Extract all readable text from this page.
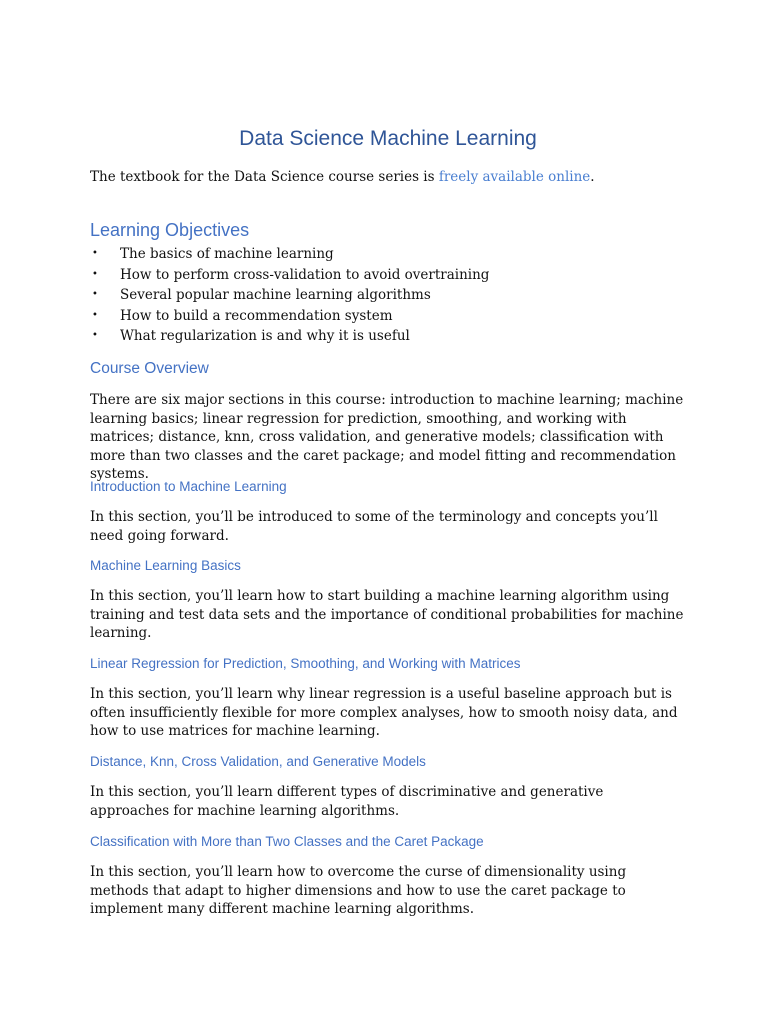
Data Science Machine Learning

The textbook for the Data Science course series is freely available online.

Learning Objectives
• The basics of machine learning
• How to perform cross-validation to avoid overtraining
• Several popular machine learning algorithms
• How to build a recommendation system
• What regularization is and why it is useful
Course Overview

There are six major sections in this course: introduction to machine learning; machine learning basics; linear regression for prediction, smoothing, and working with matrices; distance, knn, cross validation, and generative models; classification with more than two classes and the caret package; and model fitting and recommendation systems.

Introduction to Machine Learning

In this section, you’ll be introduced to some of the terminology and concepts you’ll need going forward.

Machine Learning Basics

In this section, you’ll learn how to start building a machine learning algorithm using training and test data sets and the importance of conditional probabilities for machine learning.

Linear Regression for Prediction, Smoothing, and Working with Matrices

In this section, you’ll learn why linear regression is a useful baseline approach but is often insufficiently flexible for more complex analyses, how to smooth noisy data, and how to use matrices for machine learning.

Distance, Knn, Cross Validation, and Generative Models

In this section, you’ll learn different types of discriminative and generative approaches for machine learning algorithms.

Classification with More than Two Classes and the Caret Package

In this section, you’ll learn how to overcome the curse of dimensionality using methods that adapt to higher dimensions and how to use the caret package to implement many different machine learning algorithms.
